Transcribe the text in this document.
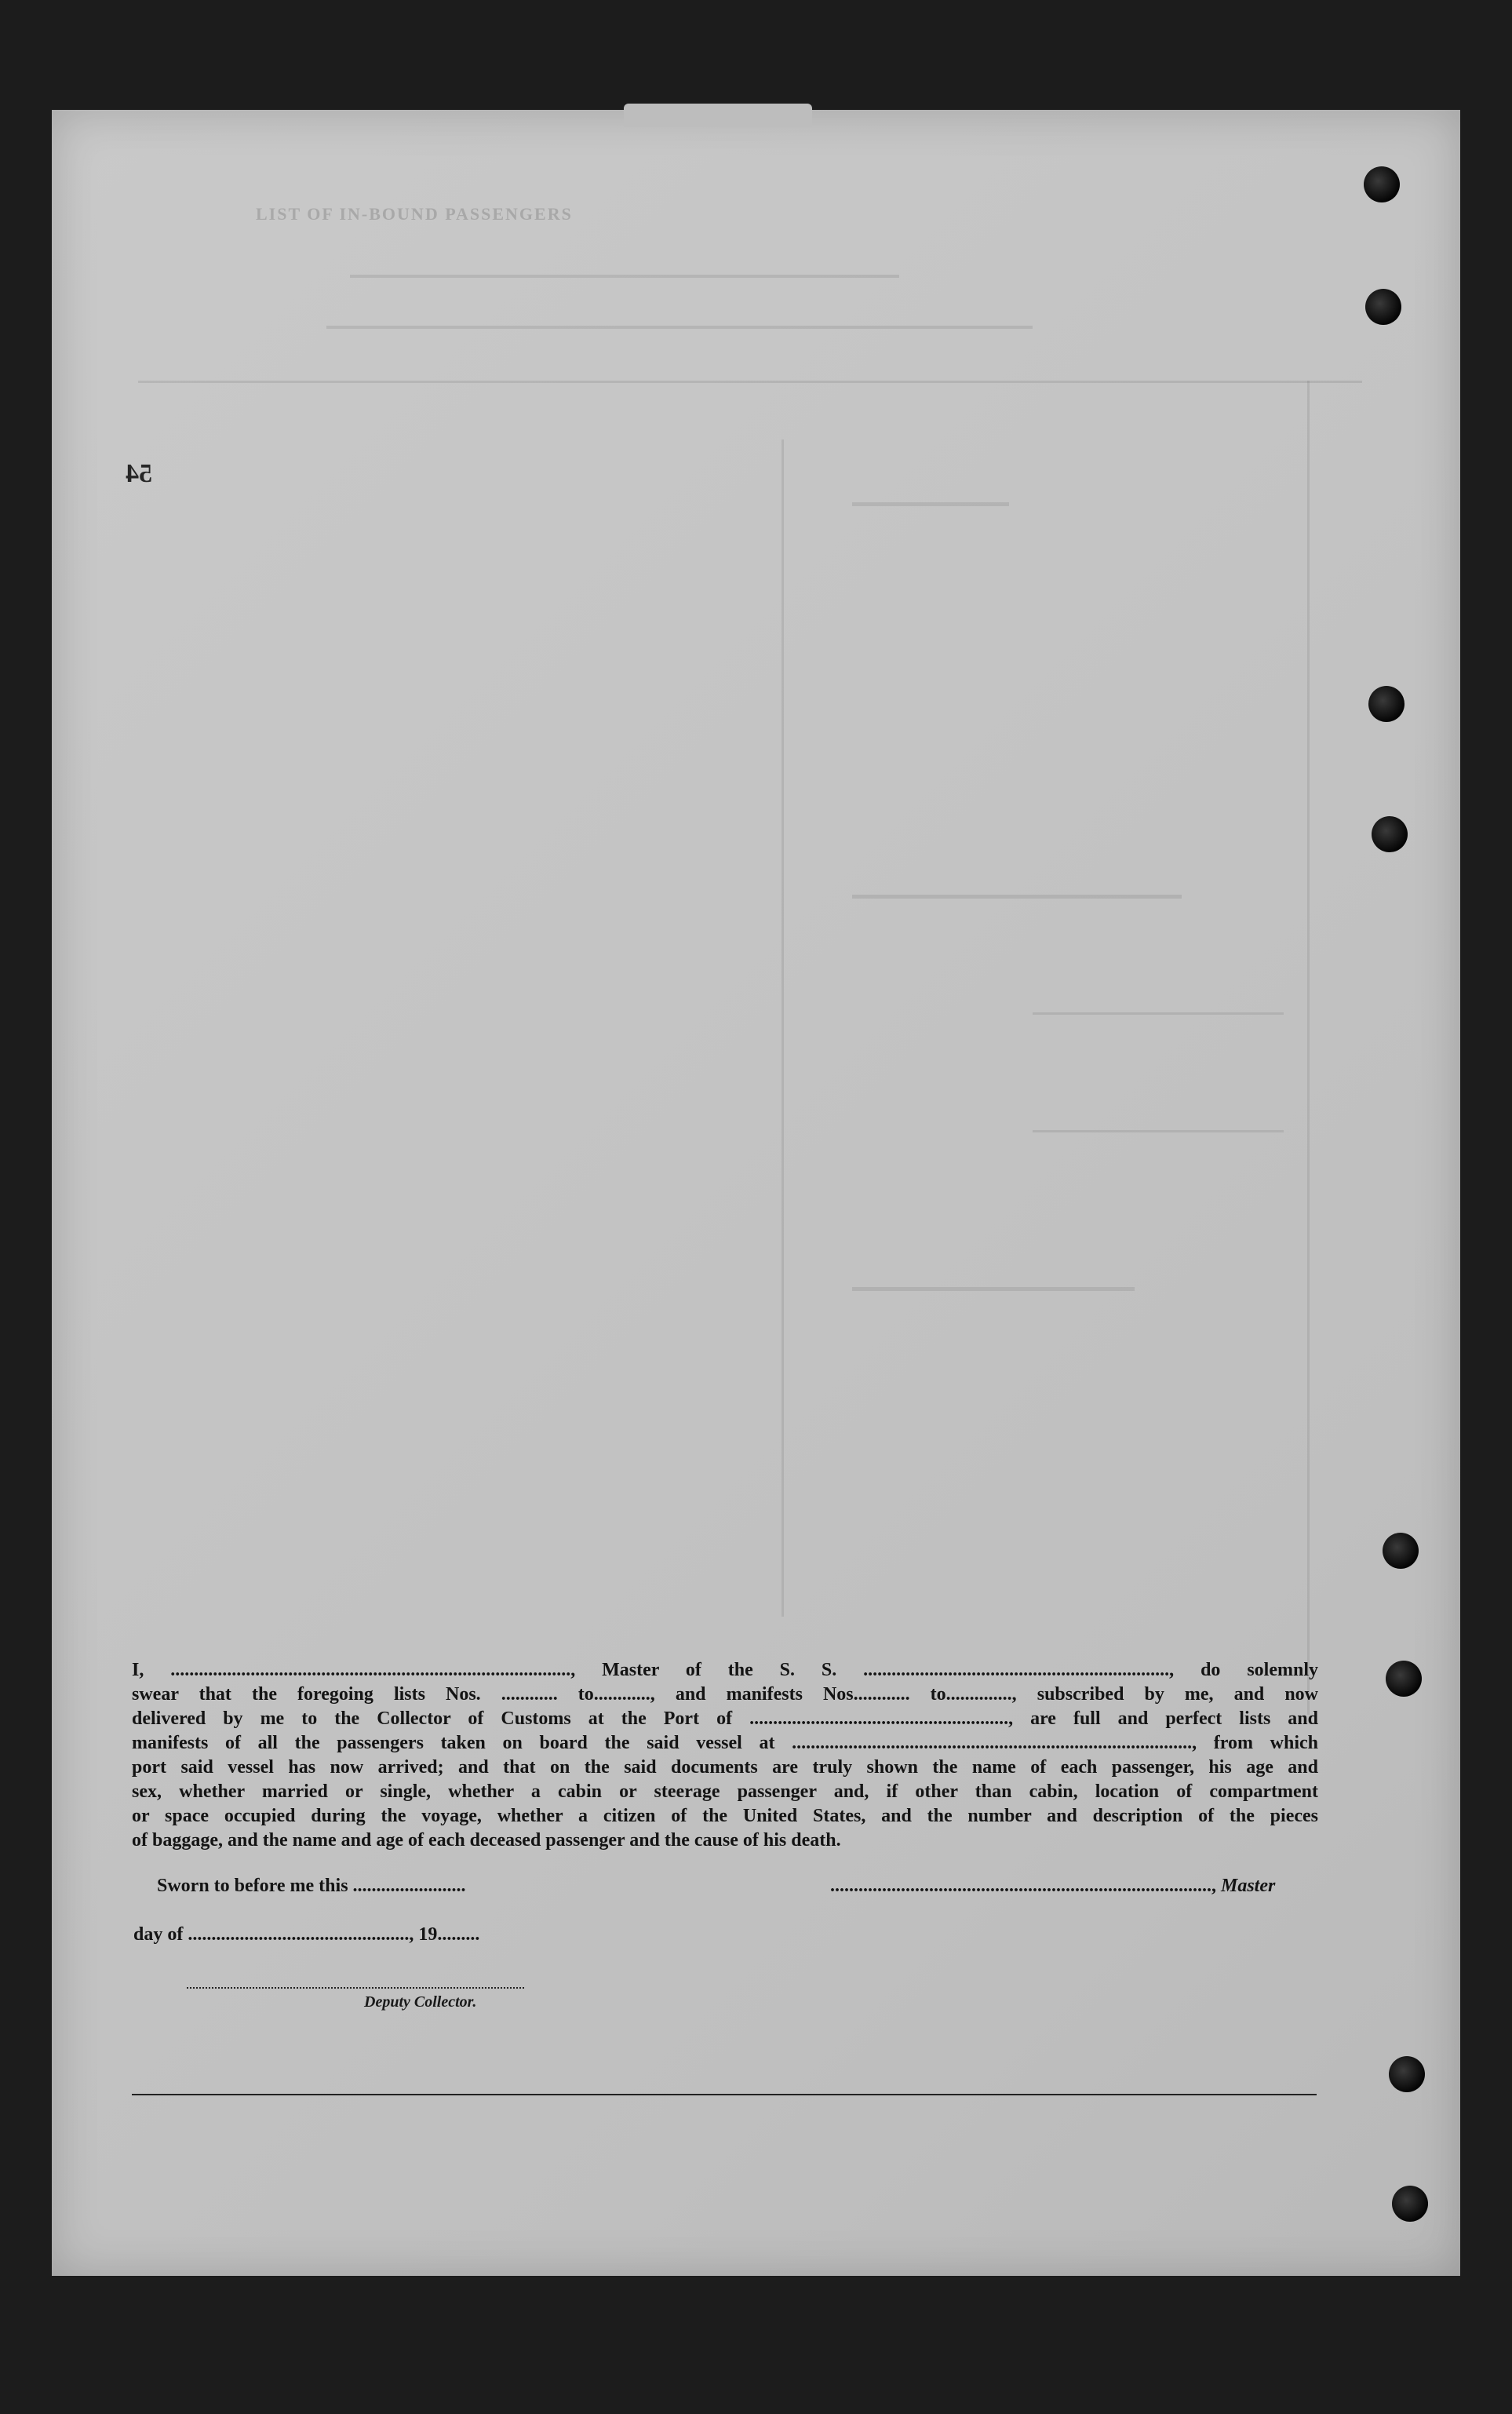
LIST OF IN-BOUND PASSENGERS
54
I, ....................................................................................., Master of the S. S. ................................................................., do solemnly
swear that the foregoing lists Nos. ............ to............, and manifests Nos............ to.............., subscribed by me, and now
delivered by me to the Collector of Customs at the Port of ......................................................., are full and perfect lists and
manifests of all the passengers taken on board the said vessel at ....................................................................................., from which
port said vessel has now arrived; and that on the said documents are truly shown the name of each passenger, his age and
sex, whether married or single, whether a cabin or steerage passenger and, if other than cabin, location of compartment
or space occupied during the voyage, whether a citizen of the United States, and the number and description of the pieces
of baggage, and the name and age of each deceased passenger and the cause of his death.
Sworn to before me this ........................	................................................................................., Master
day of ..............................................., 19.........
Deputy Collector.
